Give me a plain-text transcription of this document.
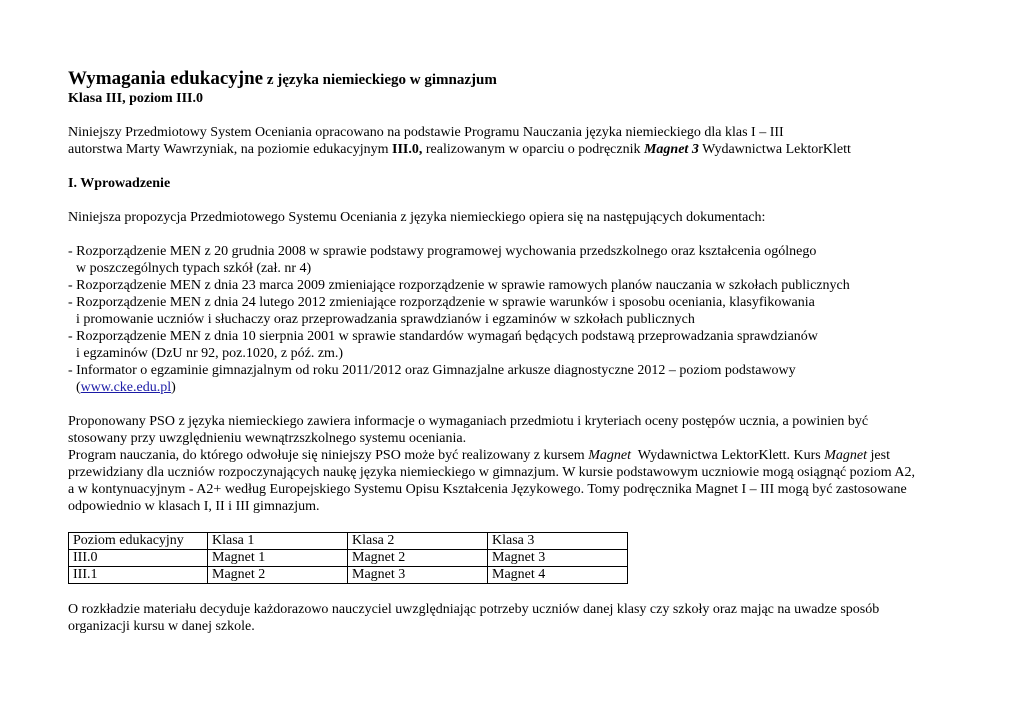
Wymagania edukacyjne z języka niemieckiego w gimnazjum

Klasa III, poziom III.0

Niniejszy Przedmiotowy System Oceniania opracowano na podstawie Programu Nauczania języka niemieckiego dla klas I – III

autorstwa Marty Wawrzyniak, na poziomie edukacyjnym III.0, realizowanym w oparciu o podręcznik Magnet 3 Wydawnictwa LektorKlett

I. Wprowadzenie

Niniejsza propozycja Przedmiotowego Systemu Oceniania z języka niemieckiego opiera się na następujących dokumentach:

- Rozporządzenie MEN z 20 grudnia 2008 w sprawie podstawy programowej wychowania przedszkolnego oraz kształcenia ogólnego

w poszczególnych typach szkół (zał. nr 4)

- Rozporządzenie MEN z dnia 23 marca 2009 zmieniające rozporządzenie w sprawie ramowych planów nauczania w szkołach publicznych

- Rozporządzenie MEN z dnia 24 lutego 2012 zmieniające rozporządzenie w sprawie warunków i sposobu oceniania, klasyfikowania

i promowanie uczniów i słuchaczy oraz przeprowadzania sprawdzianów i egzaminów w szkołach publicznych

- Rozporządzenie MEN z dnia 10 sierpnia 2001 w sprawie standardów wymagań będących podstawą przeprowadzania sprawdzianów

i egzaminów (DzU nr 92, poz.1020, z póź. zm.)

- Informator o egzaminie gimnazjalnym od roku 2011/2012 oraz Gimnazjalne arkusze diagnostyczne 2012 – poziom podstawowy

(www.cke.edu.pl)

Proponowany PSO z języka niemieckiego zawiera informacje o wymaganiach przedmiotu i kryteriach oceny postępów ucznia, a powinien być

stosowany przy uwzględnieniu wewnątrzszkolnego systemu oceniania.

Program nauczania, do którego odwołuje się niniejszy PSO może być realizowany z kursem Magnet  Wydawnictwa LektorKlett. Kurs Magnet jest

przewidziany dla uczniów rozpoczynających naukę języka niemieckiego w gimnazjum. W kursie podstawowym uczniowie mogą osiągnąć poziom A2,

a w kontynuacyjnym - A2+ według Europejskiego Systemu Opisu Kształcenia Językowego. Tomy podręcznika Magnet I – III mogą być zastosowane

odpowiednio w klasach I, II i III gimnazjum.

Poziom edukacyjny	Klasa 1	Klasa 2	Klasa 3
III.0	Magnet 1	Magnet 2	Magnet 3
III.1	Magnet 2	Magnet 3	Magnet 4

O rozkładzie materiału decyduje każdorazowo nauczyciel uwzględniając potrzeby uczniów danej klasy czy szkoły oraz mając na uwadze sposób

organizacji kursu w danej szkole.
